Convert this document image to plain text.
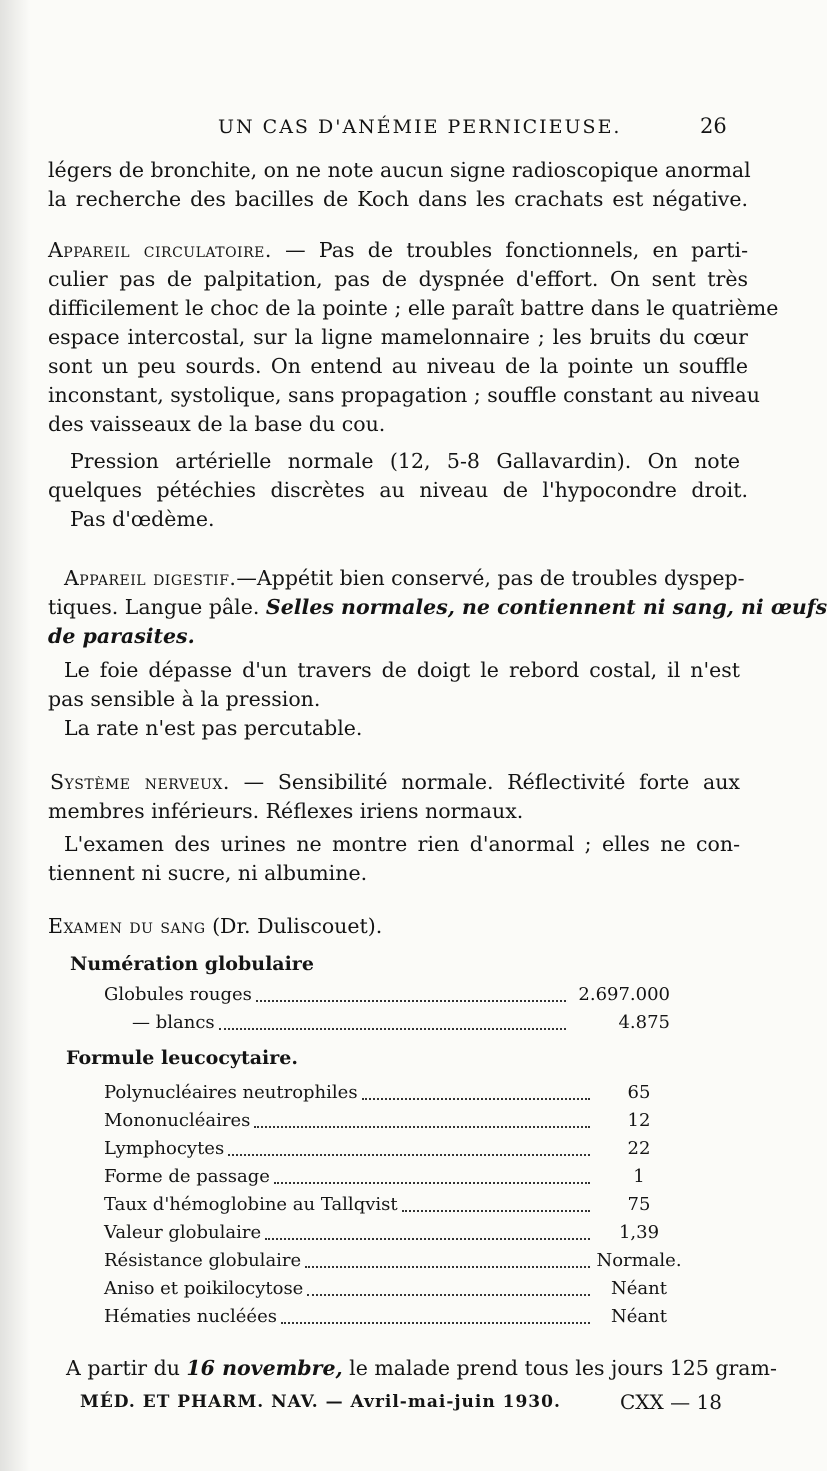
UN CAS D'ANÉMIE PERNICIEUSE.	26
légers de bronchite, on ne note aucun signe radioscopique anormal
la recherche des bacilles de Koch dans les crachats est négative.
Appareil circulatoire. — Pas de troubles fonctionnels, en parti-
culier pas de palpitation, pas de dyspnée d'effort. On sent très
difficilement le choc de la pointe ; elle paraît battre dans le quatrième
espace intercostal, sur la ligne mamelonnaire ; les bruits du cœur
sont un peu sourds. On entend au niveau de la pointe un souffle
inconstant, systolique, sans propagation ; souffle constant au niveau
des vaisseaux de la base du cou.
Pression artérielle normale (12, 5-8 Gallavardin). On note
quelques pétéchies discrètes au niveau de l'hypocondre droit.
Pas d'œdème.
Appareil digestif.—Appétit bien conservé, pas de troubles dyspep-
tiques. Langue pâle. Selles normales, ne contiennent ni sang, ni œufs
de parasites.
Le foie dépasse d'un travers de doigt le rebord costal, il n'est
pas sensible à la pression.
La rate n'est pas percutable.
Système nerveux. — Sensibilité normale. Réflectivité forte aux
membres inférieurs. Réflexes iriens normaux.
L'examen des urines ne montre rien d'anormal ; elles ne con-
tiennent ni sucre, ni albumine.
Examen du sang (Dr. Duliscouet).
Numération globulaire
Globules rouges	2.697.000
— blancs	4.875
Formule leucocytaire.
Polynucléaires neutrophiles	65
Mononucléaires	12
Lymphocytes	22
Forme de passage	1
Taux d'hémoglobine au Tallqvist	75
Valeur globulaire	1,39
Résistance globulaire	Normale.
Aniso et poikilocytose	Néant
Hématies nucléées	Néant
A partir du 16 novembre, le malade prend tous les jours 125 gram-
MÉD. ET PHARM. NAV. — Avril-mai-juin 1930.	CXX — 18
